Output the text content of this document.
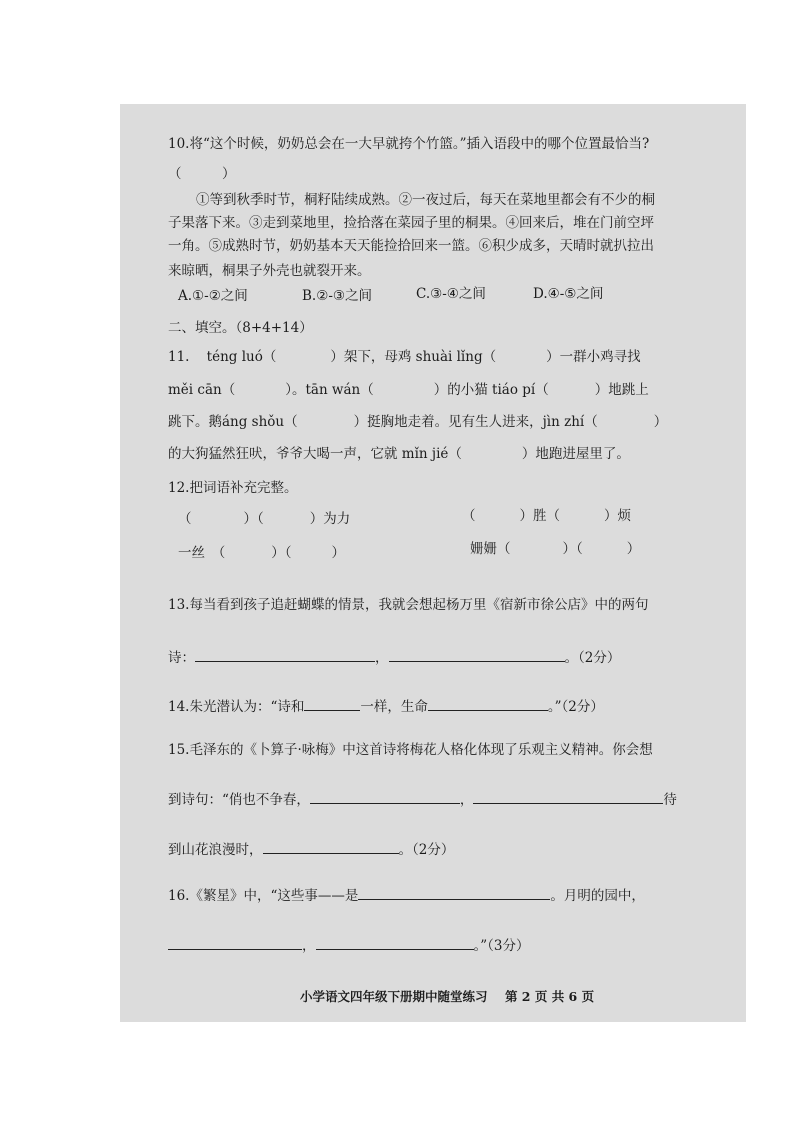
10.将“这个时候，奶奶总会在一大早就挎个竹篮。”插入语段中的哪个位置最恰当?
（　　　）
①等到秋季时节，桐籽陆续成熟。②一夜过后，每天在菜地里都会有不少的桐
子果落下来。③走到菜地里，捡拾落在菜园子里的桐果。④回来后，堆在门前空坪
一角。⑤成熟时节，奶奶基本天天能捡拾回来一篮。⑥积少成多，天晴时就扒拉出
来晾晒，桐果子外壳也就裂开来。
A.①-②之间	B.②-③之间	C.③-④之间	D.④-⑤之间
二、填空。（8+4+14）
11. téng luó（	）架下，母鸡 shuài lǐng（	）一群小鸡寻找
měi cān（	）。tān wán（	）的小猫 tiáo pí（	）地跳上
跳下。鹅áng shǒu（	）挺胸地走着。见有生人进来，jìn zhí（	）
的大狗猛然狂吠，爷爷大喝一声，它就 mǐn jié（	）地跑进屋里了。
12.把词语补充完整。
（	）（	）为力	（	）胜（	）烦
一丝　（	）（	）	姗姗（	）（	）
13.每当看到孩子追赶蝴蝶的情景，我就会想起杨万里《宿新市徐公店》中的两句
诗：	，	。（2分）
14.朱光潜认为：“诗和	一样，生命	。”（2分）
15.毛泽东的《卜算子·咏梅》中这首诗将梅花人格化体现了乐观主义精神。你会想
到诗句：“俏也不争春，	，	待
到山花浪漫时，	。（2分）
16.《繁星》中，“这些事——是	。月明的园中，
，	。”（3分）
小学语文四年级下册期中随堂练习 第 2 页 共 6 页
